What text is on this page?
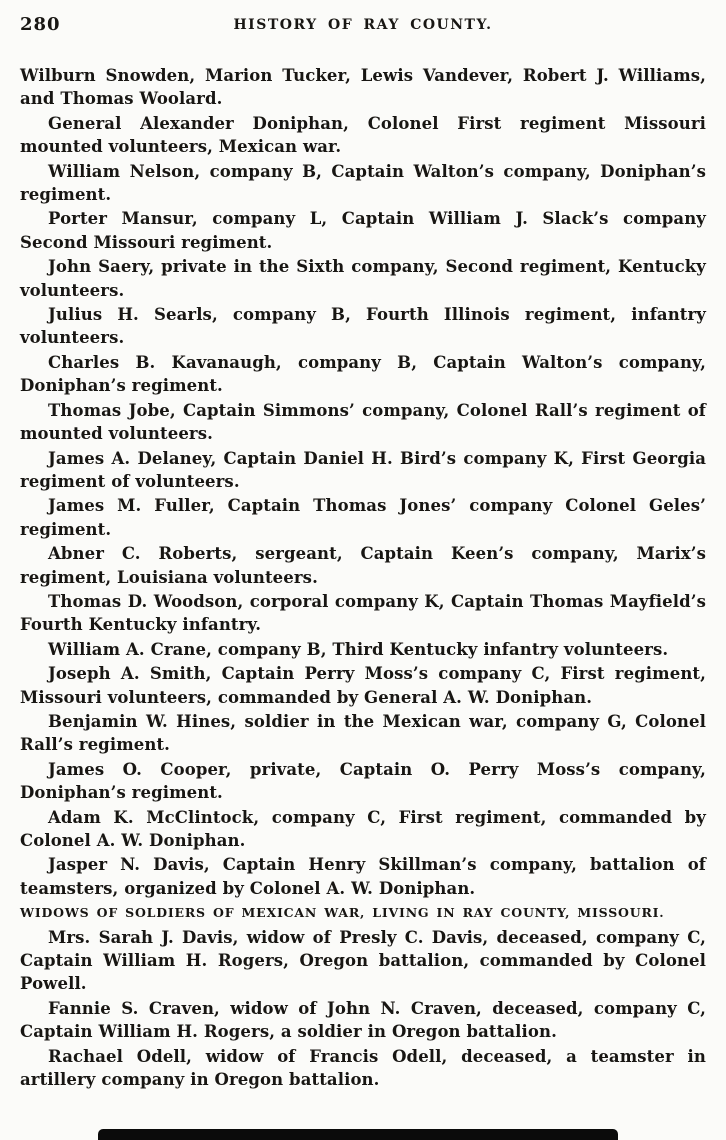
280	HISTORY OF RAY COUNTY.

Wilburn Snowden, Marion Tucker, Lewis Vandever, Robert J. Williams, and Thomas Woolard.

General Alexander Doniphan, Colonel First regiment Missouri mounted volunteers, Mexican war.

William Nelson, company B, Captain Walton’s company, Doniphan’s regiment.

Porter Mansur, company L, Captain William J. Slack’s company Second Missouri regiment.

John Saery, private in the Sixth company, Second regiment, Kentucky volunteers.

Julius H. Searls, company B, Fourth Illinois regiment, infantry volunteers.

Charles B. Kavanaugh, company B, Captain Walton’s company, Doniphan’s regiment.

Thomas Jobe, Captain Simmons’ company, Colonel Rall’s regiment of mounted volunteers.

James A. Delaney, Captain Daniel H. Bird’s company K, First Georgia regiment of volunteers.

James M. Fuller, Captain Thomas Jones’ company Colonel Geles’ regiment.

Abner C. Roberts, sergeant, Captain Keen’s company, Marix’s regiment, Louisiana volunteers.

Thomas D. Woodson, corporal company K, Captain Thomas Mayfield’s Fourth Kentucky infantry.

William A. Crane, company B, Third Kentucky infantry volunteers.

Joseph A. Smith, Captain Perry Moss’s company C, First regiment, Missouri volunteers, commanded by General A. W. Doniphan.

Benjamin W. Hines, soldier in the Mexican war, company G, Colonel Rall’s regiment.

James O. Cooper, private, Captain O. Perry Moss’s company, Doniphan’s regiment.

Adam K. McClintock, company C, First regiment, commanded by Colonel A. W. Doniphan.

Jasper N. Davis, Captain Henry Skillman’s company, battalion of teamsters, organized by Colonel A. W. Doniphan.

WIDOWS OF SOLDIERS OF MEXICAN WAR, LIVING IN RAY COUNTY, MISSOURI.

Mrs. Sarah J. Davis, widow of Presly C. Davis, deceased, company C, Captain William H. Rogers, Oregon battalion, commanded by Colonel Powell.

Fannie S. Craven, widow of John N. Craven, deceased, company C, Captain William H. Rogers, a soldier in Oregon battalion.

Rachael Odell, widow of Francis Odell, deceased, a teamster in artillery company in Oregon battalion.
